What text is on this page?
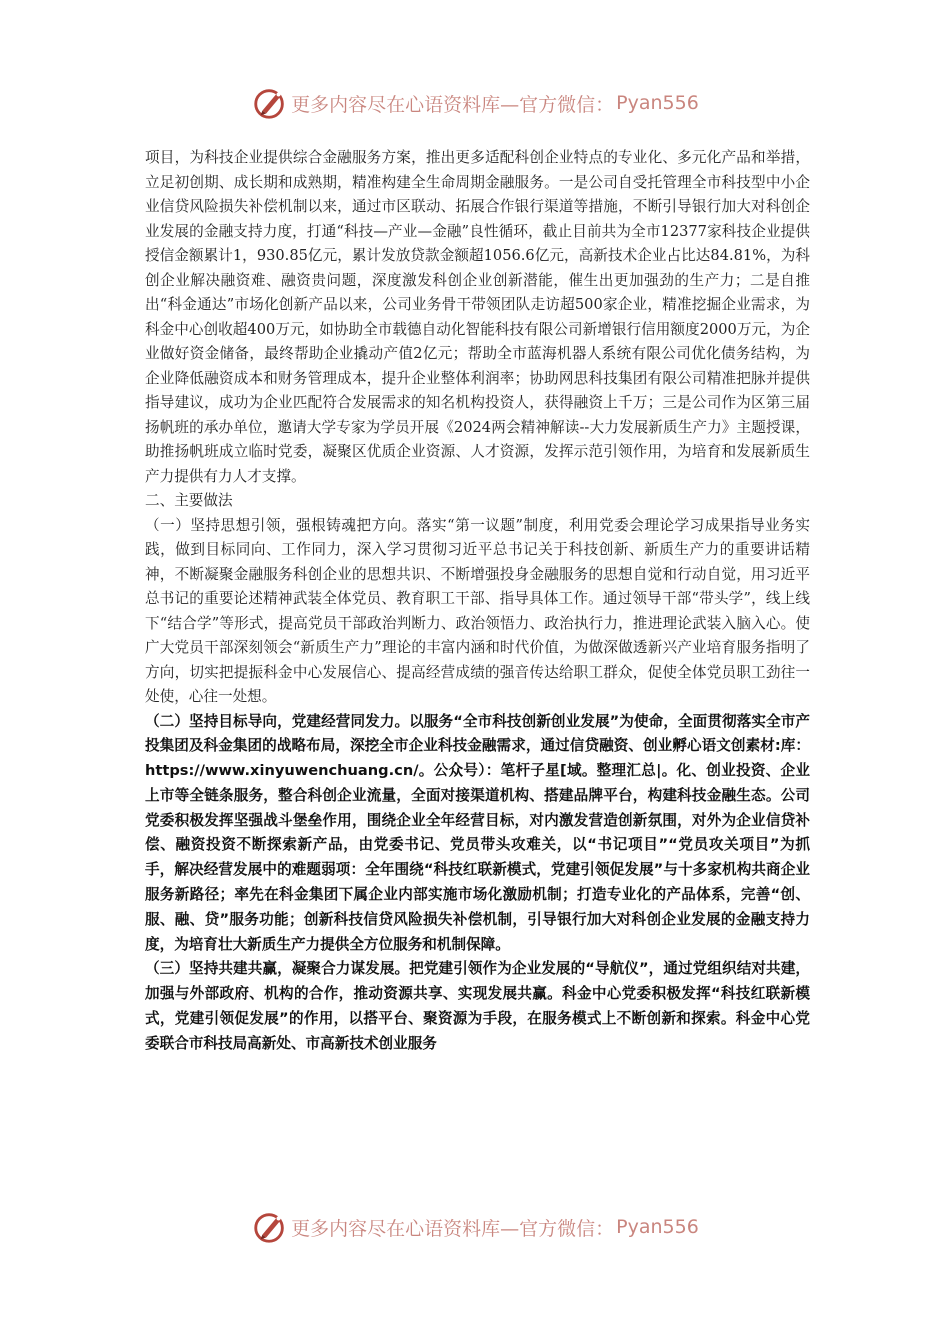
更多内容尽在心语资料库—官方微信： Pyan556

项目，为科技企业提供综合金融服务方案，推出更多适配科创企业特点的专业化、多元化产品和举措，立足初创期、成长期和成熟期，精准构建全生命周期金融服务。一是公司自受托管理全市科技型中小企业信贷风险损失补偿机制以来，通过市区联动、拓展合作银行渠道等措施，不断引导银行加大对科创企业发展的金融支持力度，打通“科技—产业—金融”良性循环，截止目前共为全市12377家科技企业提供授信金额累计1，930.85亿元，累计发放贷款金额超1056.6亿元，高新技术企业占比达84.81%，为科创企业解决融资难、融资贵问题，深度激发科创企业创新潜能，催生出更加强劲的生产力；二是自推出“科金通达”市场化创新产品以来，公司业务骨干带领团队走访超500家企业，精准挖掘企业需求，为科金中心创收超400万元，如协助全市载德自动化智能科技有限公司新增银行信用额度2000万元，为企业做好资金储备，最终帮助企业撬动产值2亿元；帮助全市蓝海机器人系统有限公司优化债务结构，为企业降低融资成本和财务管理成本，提升企业整体利润率；协助网思科技集团有限公司精准把脉并提供指导建议，成功为企业匹配符合发展需求的知名机构投资人，获得融资上千万；三是公司作为区第三届扬帆班的承办单位，邀请大学专家为学员开展《2024两会精神解读--大力发展新质生产力》主题授课，助推扬帆班成立临时党委，凝聚区优质企业资源、人才资源，发挥示范引领作用，为培育和发展新质生产力提供有力人才支撑。

二、主要做法

（一）坚持思想引领，强根铸魂把方向。落实“第一议题”制度，利用党委会理论学习成果指导业务实践，做到目标同向、工作同力，深入学习贯彻习近平总书记关于科技创新、新质生产力的重要讲话精神，不断凝聚金融服务科创企业的思想共识、不断增强投身金融服务的思想自觉和行动自觉，用习近平总书记的重要论述精神武装全体党员、教育职工干部、指导具体工作。通过领导干部“带头学”，线上线下“结合学”等形式，提高党员干部政治判断力、政治领悟力、政治执行力，推进理论武装入脑入心。使广大党员干部深刻领会“新质生产力”理论的丰富内涵和时代价值，为做深做透新兴产业培育服务指明了方向，切实把提振科金中心发展信心、提高经营成绩的强音传达给职工群众，促使全体党员职工劲往一处使，心往一处想。

（二）坚持目标导向，党建经营同发力。以服务“全市科技创新创业发展”为使命，全面贯彻落实全市产投集团及科金集团的战略布局，深挖全市企业科技金融需求，通过信贷融资、创业孵心语文创素材:库：https://www.xinyuwenchuang.cn/。公众号）：笔杆子星[域。整理汇总|。化、创业投资、企业上市等全链条服务，整合科创企业流量，全面对接渠道机构、搭建品牌平台，构建科技金融生态。公司党委积极发挥坚强战斗堡垒作用，围绕企业全年经营目标，对内激发营造创新氛围，对外为企业信贷补偿、融资投资不断探索新产品，由党委书记、党员带头攻难关，以“书记项目”“党员攻关项目”为抓手，解决经营发展中的难题弱项：全年围绕“科技红联新模式，党建引领促发展”与十多家机构共商企业服务新路径；率先在科金集团下属企业内部实施市场化激励机制；打造专业化的产品体系，完善“创、服、融、贷”服务功能；创新科技信贷风险损失补偿机制，引导银行加大对科创企业发展的金融支持力度，为培育壮大新质生产力提供全方位服务和机制保障。

（三）坚持共建共赢，凝聚合力谋发展。把党建引领作为企业发展的“导航仪”，通过党组织结对共建，加强与外部政府、机构的合作，推动资源共享、实现发展共赢。科金中心党委积极发挥“科技红联新模式，党建引领促发展”的作用，以搭平台、聚资源为手段，在服务模式上不断创新和探索。科金中心党委联合市科技局高新处、市高新技术创业服务

更多内容尽在心语资料库—官方微信： Pyan556
